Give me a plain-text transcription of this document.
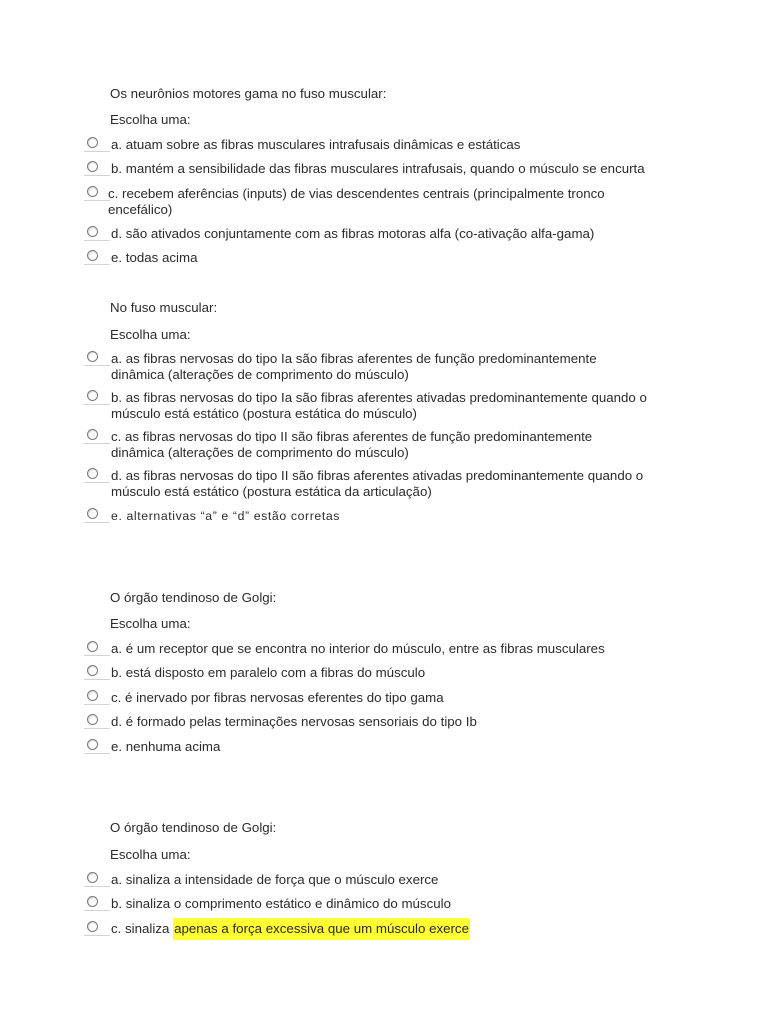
Os neurônios motores gama no fuso muscular:
Escolha uma:
a. atuam sobre as fibras musculares intrafusais dinâmicas e estáticas
b. mantém a sensibilidade das fibras musculares intrafusais, quando o músculo se encurta
c. recebem aferências (inputs) de vias descendentes centrais (principalmente tronco encefálico)
d. são ativados conjuntamente com as fibras motoras alfa (co-ativação alfa-gama)
e. todas acima
No fuso muscular:
Escolha uma:
a. as fibras nervosas do tipo Ia são fibras aferentes de função predominantemente dinâmica (alterações de comprimento do músculo)
b. as fibras nervosas do tipo Ia são fibras aferentes ativadas predominantemente quando o músculo está estático (postura estática do músculo)
c. as fibras nervosas do tipo II são fibras aferentes de função predominantemente dinâmica (alterações de comprimento do músculo)
d. as fibras nervosas do tipo II são fibras aferentes ativadas predominantemente quando o músculo está estático (postura estática da articulação)
e. alternativas “a” e “d” estão corretas
O órgão tendinoso de Golgi:
Escolha uma:
a. é um receptor que se encontra no interior do músculo, entre as fibras musculares
b. está disposto em paralelo com a fibras do músculo
c. é inervado por fibras nervosas eferentes do tipo gama
d. é formado pelas terminações nervosas sensoriais do tipo Ib
e. nenhuma acima
O órgão tendinoso de Golgi:
Escolha uma:
a. sinaliza a intensidade de força que o músculo exerce
b. sinaliza o comprimento estático e dinâmico do músculo
c. sinaliza apenas a força excessiva que um músculo exerce
